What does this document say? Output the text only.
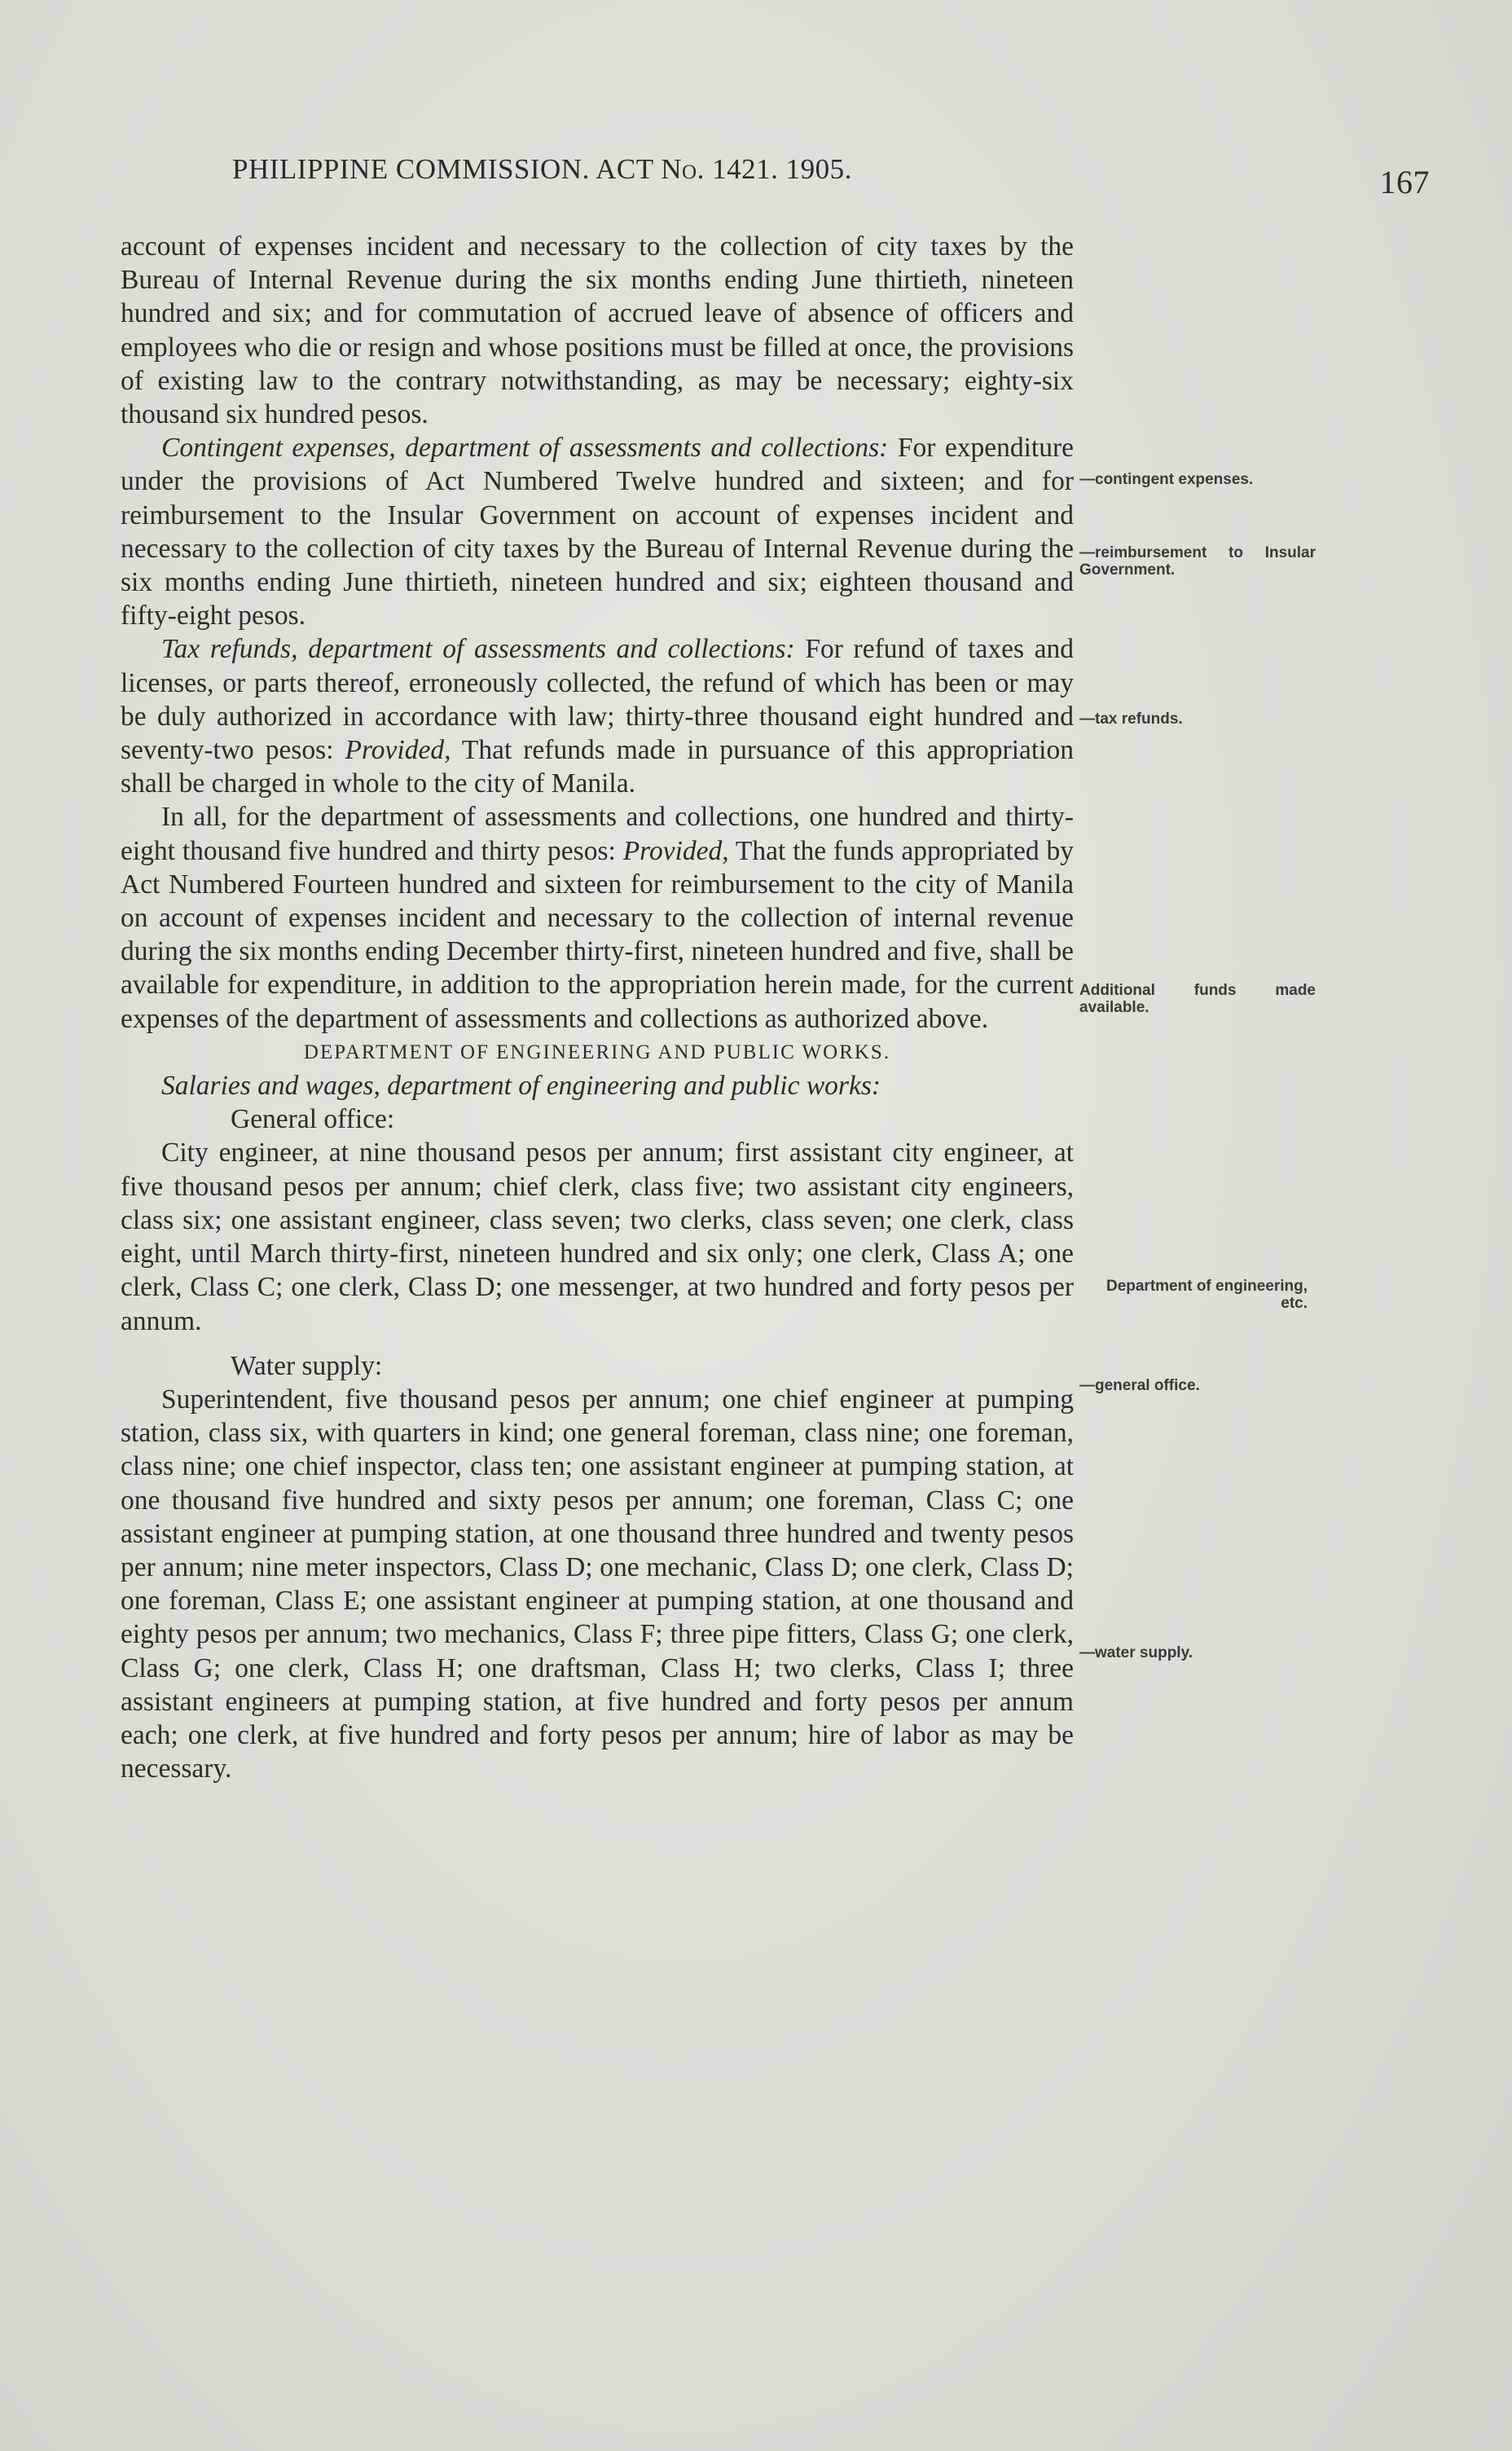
PHILIPPINE COMMISSION. ACT No. 1421. 1905.	167

account of expenses incident and necessary to the collection of city taxes by the Bureau of Internal Revenue during the six months ending June thirtieth, nineteen hundred and six; and for commutation of accrued leave of absence of officers and employees who die or resign and whose positions must be filled at once, the provisions of existing law to the contrary notwithstanding, as may be necessary; eighty-six thousand six hundred pesos.

Contingent expenses, department of assessments and collections: For expenditure under the provisions of Act Numbered Twelve hundred and sixteen; and for reimbursement to the Insular Government on account of expenses incident and necessary to the collection of city taxes by the Bureau of Internal Revenue during the six months ending June thirtieth, nineteen hundred and six; eighteen thousand and fifty-eight pesos.

Tax refunds, department of assessments and collections: For refund of taxes and licenses, or parts thereof, erroneously collected, the refund of which has been or may be duly authorized in accordance with law; thirty-three thousand eight hundred and seventy-two pesos: Provided, That refunds made in pursuance of this appropriation shall be charged in whole to the city of Manila.

In all, for the department of assessments and collections, one hundred and thirty-eight thousand five hundred and thirty pesos: Provided, That the funds appropriated by Act Numbered Fourteen hundred and sixteen for reimbursement to the city of Manila on account of expenses incident and necessary to the collection of internal revenue during the six months ending December thirty-first, nineteen hundred and five, shall be available for expenditure, in addition to the appropriation herein made, for the current expenses of the department of assessments and collections as authorized above.

DEPARTMENT OF ENGINEERING AND PUBLIC WORKS.

Salaries and wages, department of engineering and public works:

General office:

City engineer, at nine thousand pesos per annum; first assistant city engineer, at five thousand pesos per annum; chief clerk, class five; two assistant city engineers, class six; one assistant engineer, class seven; two clerks, class seven; one clerk, class eight, until March thirty-first, nineteen hundred and six only; one clerk, Class A; one clerk, Class C; one clerk, Class D; one messenger, at two hundred and forty pesos per annum.

Water supply:

Superintendent, five thousand pesos per annum; one chief engineer at pumping station, class six, with quarters in kind; one general foreman, class nine; one foreman, class nine; one chief inspector, class ten; one assistant engineer at pumping station, at one thousand five hundred and sixty pesos per annum; one foreman, Class C; one assistant engineer at pumping station, at one thousand three hundred and twenty pesos per annum; nine meter inspectors, Class D; one mechanic, Class D; one clerk, Class D; one foreman, Class E; one assistant engineer at pumping station, at one thousand and eighty pesos per annum; two mechanics, Class F; three pipe fitters, Class G; one clerk, Class G; one clerk, Class H; one draftsman, Class H; two clerks, Class I; three assistant engineers at pumping station, at five hundred and forty pesos per annum each; one clerk, at five hundred and forty pesos per annum; hire of labor as may be necessary.

—contingent expenses.
—reimbursement to Insular Government.
—tax refunds.
Additional funds made available.
Department of engineering, etc.
—general office.
—water supply.
